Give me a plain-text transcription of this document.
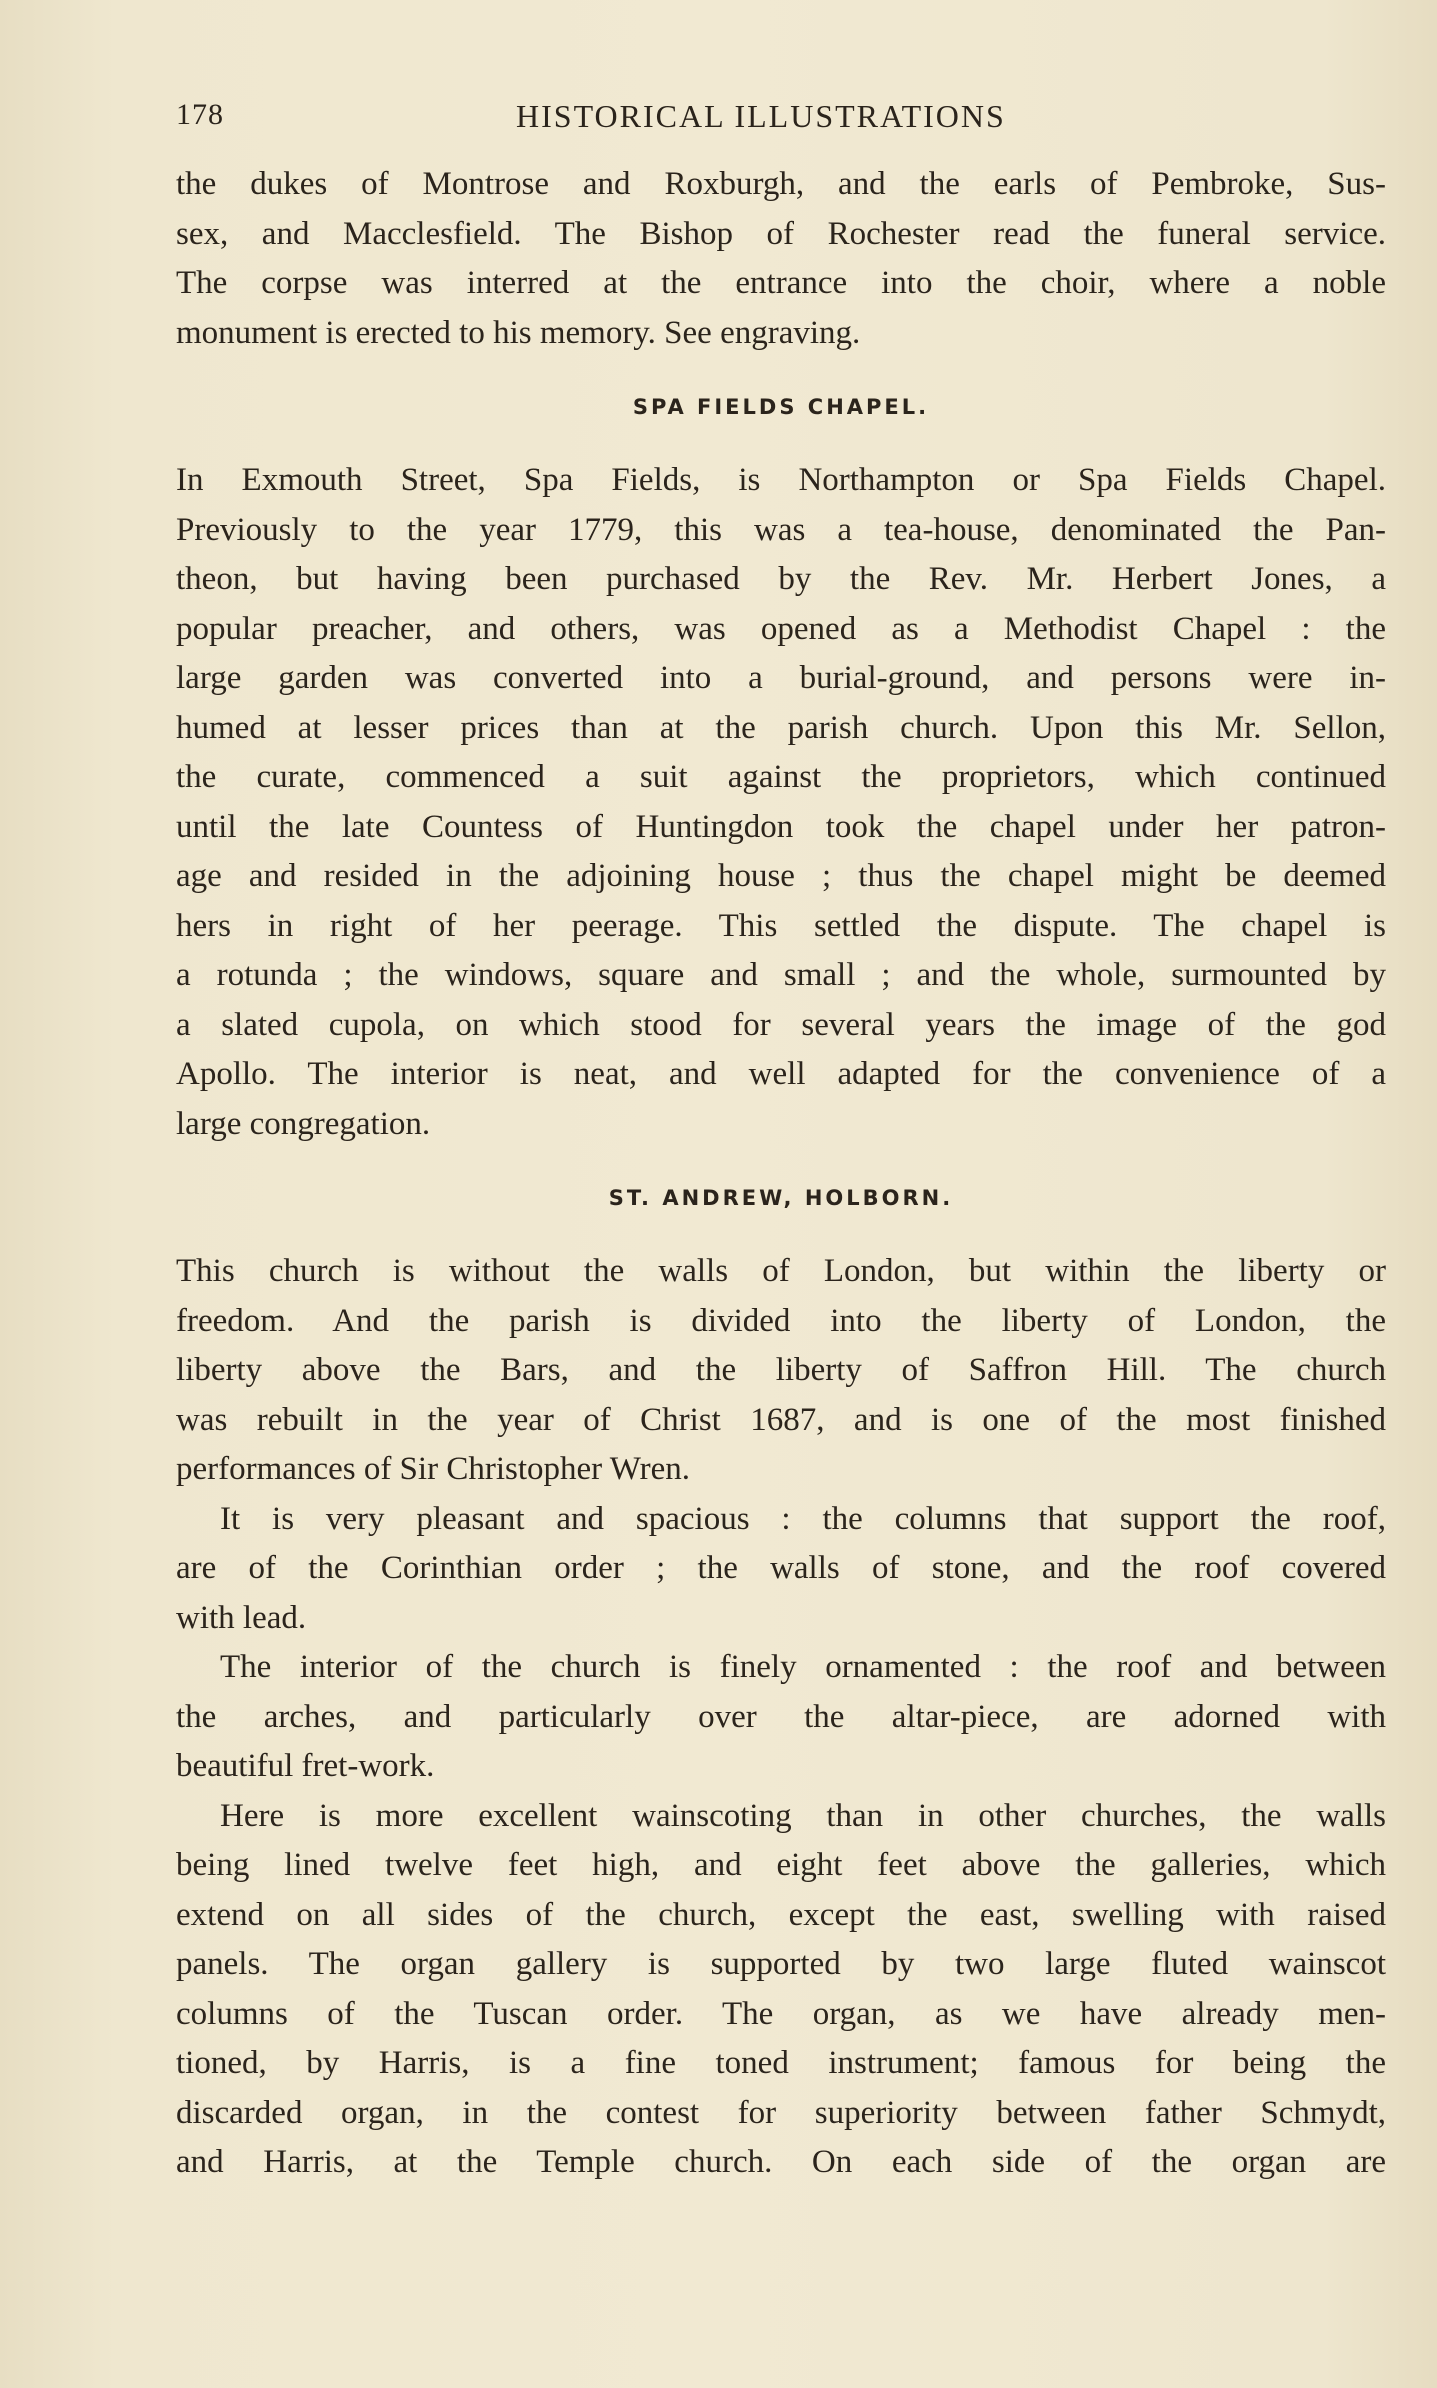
178	HISTORICAL ILLUSTRATIONS
the dukes of Montrose and Roxburgh, and the earls of Pembroke, Sus-
sex, and Macclesfield. The Bishop of Rochester read the funeral service.
The corpse was interred at the entrance into the choir, where a noble
monument is erected to his memory. See engraving.
SPA FIELDS CHAPEL.
In Exmouth Street, Spa Fields, is Northampton or Spa Fields Chapel.
Previously to the year 1779, this was a tea-house, denominated the Pan-
theon, but having been purchased by the Rev. Mr. Herbert Jones, a
popular preacher, and others, was opened as a Methodist Chapel : the
large garden was converted into a burial-ground, and persons were in-
humed at lesser prices than at the parish church. Upon this Mr. Sellon,
the curate, commenced a suit against the proprietors, which continued
until the late Countess of Huntingdon took the chapel under her patron-
age and resided in the adjoining house ; thus the chapel might be deemed
hers in right of her peerage. This settled the dispute. The chapel is
a rotunda ; the windows, square and small ; and the whole, surmounted by
a slated cupola, on which stood for several years the image of the god
Apollo. The interior is neat, and well adapted for the convenience of a
large congregation.
ST. ANDREW, HOLBORN.
This church is without the walls of London, but within the liberty or
freedom. And the parish is divided into the liberty of London, the
liberty above the Bars, and the liberty of Saffron Hill. The church
was rebuilt in the year of Christ 1687, and is one of the most finished
performances of Sir Christopher Wren.
It is very pleasant and spacious : the columns that support the roof,
are of the Corinthian order ; the walls of stone, and the roof covered
with lead.
The interior of the church is finely ornamented : the roof and between
the arches, and particularly over the altar-piece, are adorned with
beautiful fret-work.
Here is more excellent wainscoting than in other churches, the walls
being lined twelve feet high, and eight feet above the galleries, which
extend on all sides of the church, except the east, swelling with raised
panels. The organ gallery is supported by two large fluted wainscot
columns of the Tuscan order. The organ, as we have already men-
tioned, by Harris, is a fine toned instrument; famous for being the
discarded organ, in the contest for superiority between father Schmydt,
and Harris, at the Temple church. On each side of the organ are
